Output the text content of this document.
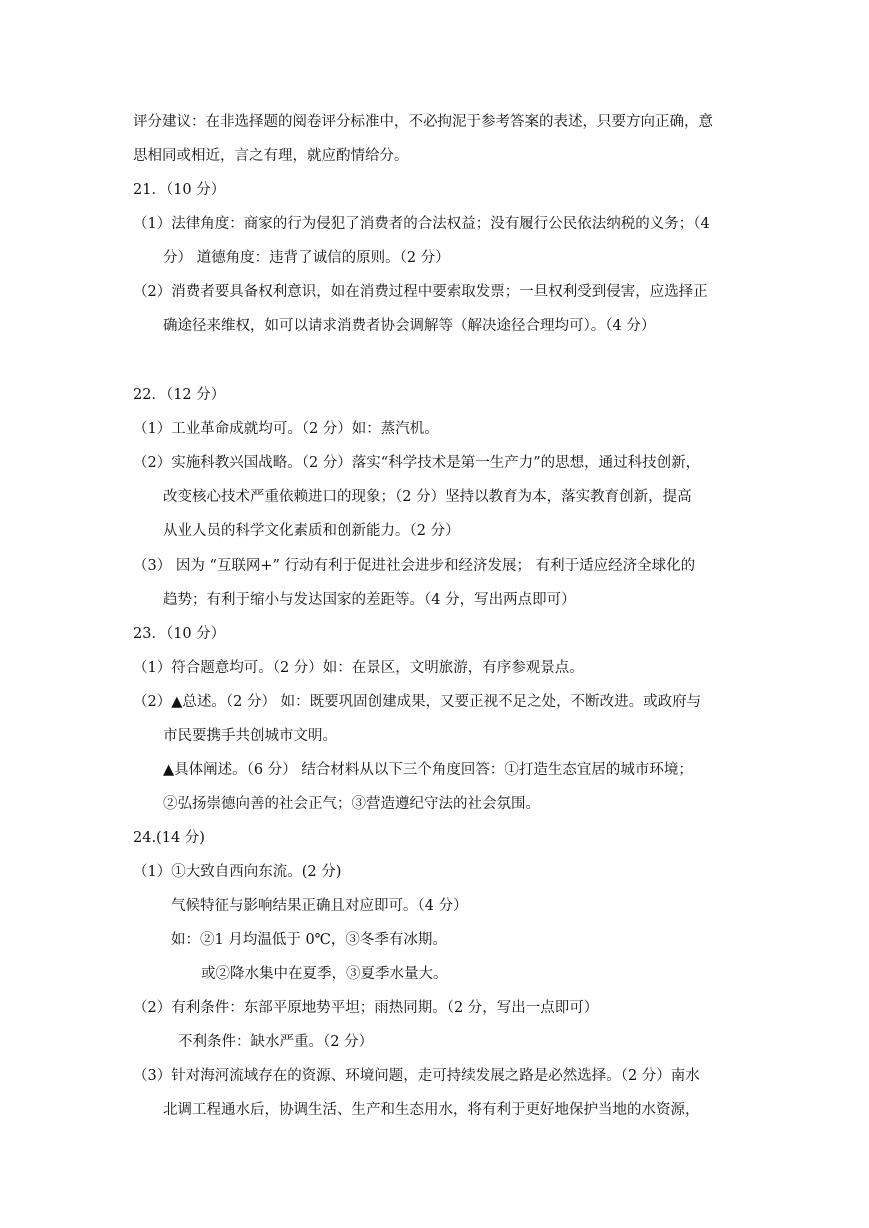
评分建议：在非选择题的阅卷评分标准中，不必拘泥于参考答案的表述，只要方向正确，意
思相同或相近，言之有理，就应酌情给分。
21．（10 分）
（1）法律角度：商家的行为侵犯了消费者的合法权益；没有履行公民依法纳税的义务；（4
分） 道德角度：违背了诚信的原则。（2 分）
（2）消费者要具备权利意识，如在消费过程中要索取发票；一旦权利受到侵害，应选择正
确途径来维权，如可以请求消费者协会调解等（解决途径合理均可）。（4 分）
22．（12 分）
（1）工业革命成就均可。（2 分）如：蒸汽机。
（2）实施科教兴国战略。（2 分）落实“科学技术是第一生产力”的思想，通过科技创新，
改变核心技术严重依赖进口的现象；（2 分）坚持以教育为本，落实教育创新，提高
从业人员的科学文化素质和创新能力。（2 分）
（3） 因为 “互联网+” 行动有利于促进社会进步和经济发展； 有利于适应经济全球化的
趋势；有利于缩小与发达国家的差距等。（4 分，写出两点即可）
23．（10 分）
（1）符合题意均可。（2 分）如：在景区，文明旅游，有序参观景点。
（2）▲总述。（2 分） 如：既要巩固创建成果，又要正视不足之处，不断改进。或政府与
市民要携手共创城市文明。
▲具体阐述。（6 分） 结合材料从以下三个角度回答：①打造生态宜居的城市环境；
②弘扬崇德向善的社会正气；③营造遵纪守法的社会氛围。
24.(14 分)
（1）①大致自西向东流。(2 分)
气候特征与影响结果正确且对应即可。（4 分）
如：②1 月均温低于 0℃，③冬季有冰期。
或②降水集中在夏季，③夏季水量大。
（2）有利条件：东部平原地势平坦；雨热同期。（2 分，写出一点即可）
不利条件：缺水严重。（2 分）
（3）针对海河流域存在的资源、环境问题，走可持续发展之路是必然选择。（2 分）南水
北调工程通水后，协调生活、生产和生态用水，将有利于更好地保护当地的水资源，
